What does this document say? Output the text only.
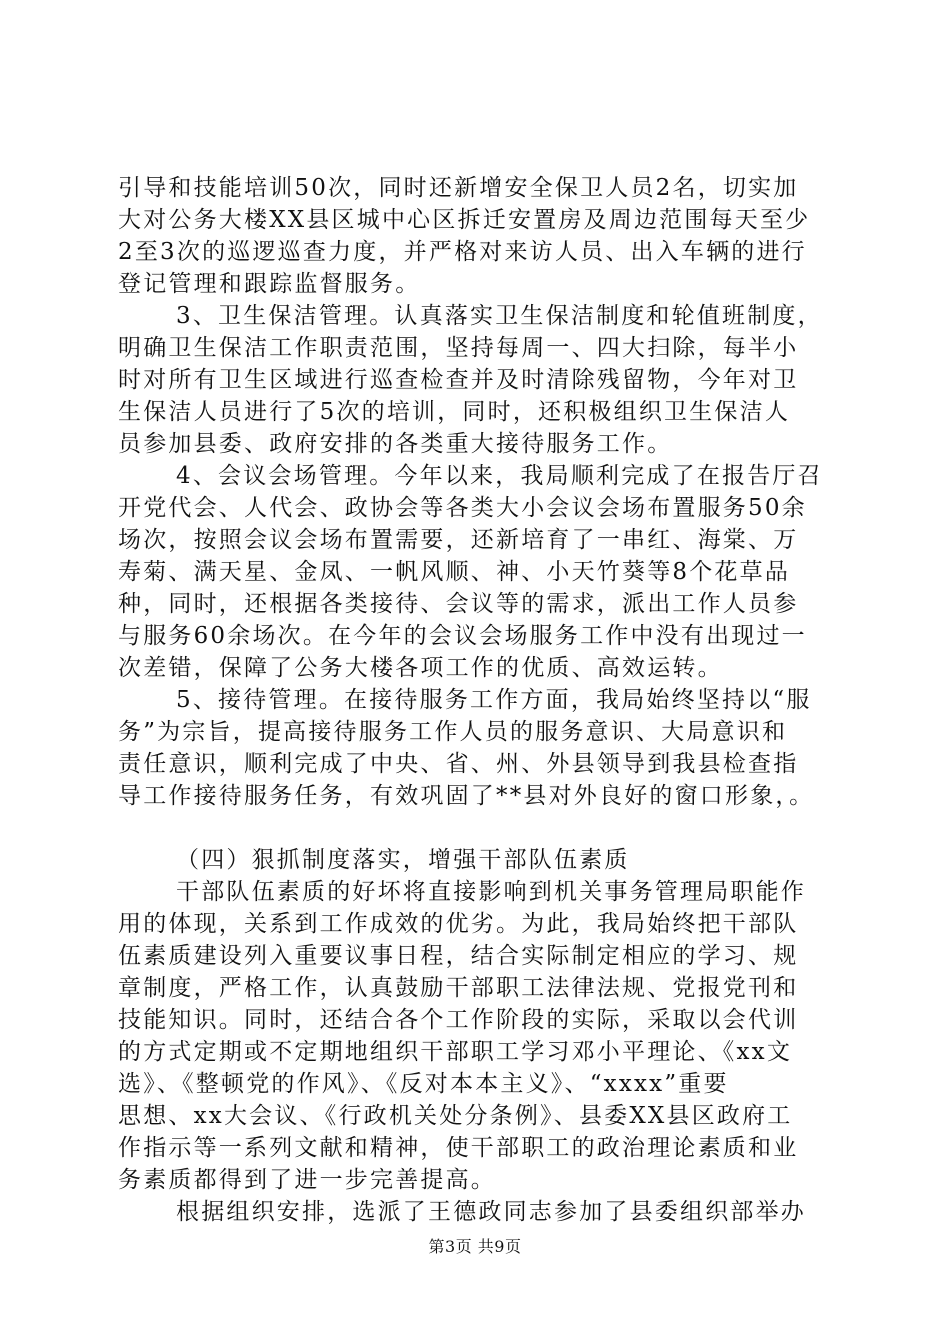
引导和技能培训50次，同时还新增安全保卫人员2名，切实加
大对公务大楼XX县区城中心区拆迁安置房及周边范围每天至少
2至3次的巡逻巡查力度，并严格对来访人员、出入车辆的进行
登记管理和跟踪监督服务。
3、卫生保洁管理。认真落实卫生保洁制度和轮值班制度，
明确卫生保洁工作职责范围，坚持每周一、四大扫除，每半小
时对所有卫生区域进行巡查检查并及时清除残留物，今年对卫
生保洁人员进行了5次的培训，同时，还积极组织卫生保洁人
员参加县委、政府安排的各类重大接待服务工作。
4、会议会场管理。今年以来，我局顺利完成了在报告厅召
开党代会、人代会、政协会等各类大小会议会场布置服务50余
场次，按照会议会场布置需要，还新培育了一串红、海棠、万
寿菊、满天星、金凤、一帆风顺、神、小天竹葵等8个花草品
种，同时，还根据各类接待、会议等的需求，派出工作人员参
与服务60余场次。在今年的会议会场服务工作中没有出现过一
次差错，保障了公务大楼各项工作的优质、高效运转。
5、接待管理。在接待服务工作方面，我局始终坚持以“服
务”为宗旨，提高接待服务工作人员的服务意识、大局意识和
责任意识，顺利完成了中央、省、州、外县领导到我县检查指
导工作接待服务任务，有效巩固了**县对外良好的窗口形象，。
（四）狠抓制度落实，增强干部队伍素质
干部队伍素质的好坏将直接影响到机关事务管理局职能作
用的体现，关系到工作成效的优劣。为此，我局始终把干部队
伍素质建设列入重要议事日程，结合实际制定相应的学习、规
章制度，严格工作，认真鼓励干部职工法律法规、党报党刊和
技能知识。同时，还结合各个工作阶段的实际，采取以会代训
的方式定期或不定期地组织干部职工学习邓小平理论、《xx文
选》、《整顿党的作风》、《反对本本主义》、“xxxx”重要
思想、xx大会议、《行政机关处分条例》、县委XX县区政府工
作指示等一系列文献和精神，使干部职工的政治理论素质和业
务素质都得到了进一步完善提高。
根据组织安排，选派了王德政同志参加了县委组织部举办
第3页 共9页
